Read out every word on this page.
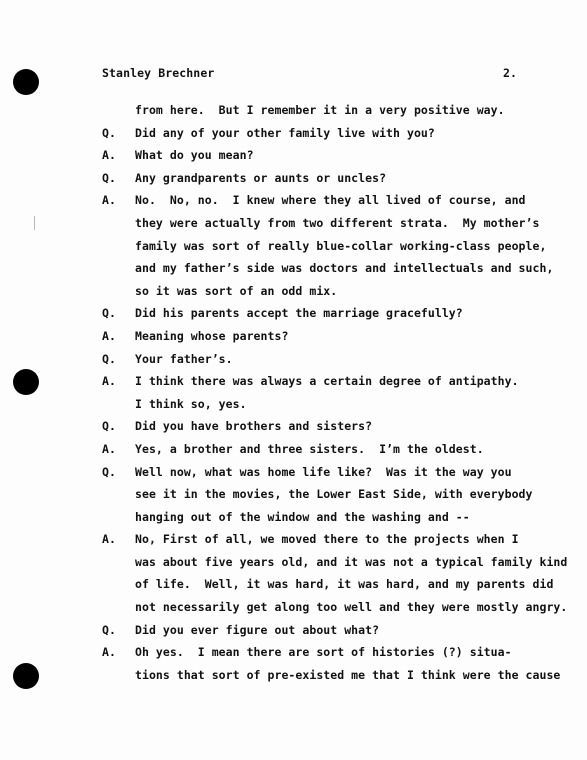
Stanley Brechner	2.
from here.  But I remember it in a very positive way.
Q. Did any of your other family live with you?
A. What do you mean?
Q. Any grandparents or aunts or uncles?
A. No.  No, no.  I knew where they all lived of course, and
they were actually from two different strata.  My mother’s
family was sort of really blue-collar working-class people,
and my father’s side was doctors and intellectuals and such,
so it was sort of an odd mix.
Q. Did his parents accept the marriage gracefully?
A. Meaning whose parents?
Q. Your father’s.
A. I think there was always a certain degree of antipathy.
I think so, yes.
Q. Did you have brothers and sisters?
A. Yes, a brother and three sisters.  I’m the oldest.
Q. Well now, what was home life like?  Was it the way you
see it in the movies, the Lower East Side, with everybody
hanging out of the window and the washing and --
A. No, First of all, we moved there to the projects when I
was about five years old, and it was not a typical family kind
of life.  Well, it was hard, it was hard, and my parents did
not necessarily get along too well and they were mostly angry.
Q. Did you ever figure out about what?
A. Oh yes.  I mean there are sort of histories (?) situa-
tions that sort of pre-existed me that I think were the cause
